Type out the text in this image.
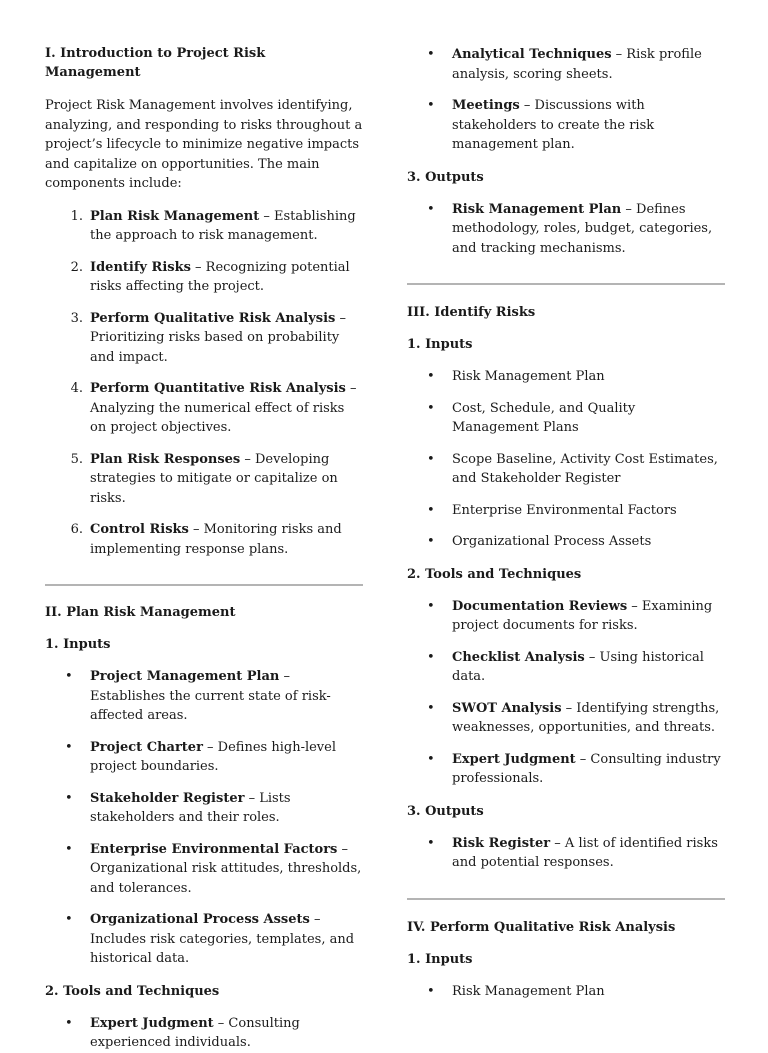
I. Introduction to Project Risk Management

Project Risk Management involves identifying, analyzing, and responding to risks throughout a project’s lifecycle to minimize negative impacts and capitalize on opportunities. The main components include:

1. Plan Risk Management – Establishing the approach to risk management.
2. Identify Risks – Recognizing potential risks affecting the project.
3. Perform Qualitative Risk Analysis – Prioritizing risks based on probability and impact.
4. Perform Quantitative Risk Analysis – Analyzing the numerical effect of risks on project objectives.
5. Plan Risk Responses – Developing strategies to mitigate or capitalize on risks.
6. Control Risks – Monitoring risks and implementing response plans.

II. Plan Risk Management

1. Inputs

• Project Management Plan – Establishes the current state of risk-affected areas.
• Project Charter – Defines high-level project boundaries.
• Stakeholder Register – Lists stakeholders and their roles.
• Enterprise Environmental Factors – Organizational risk attitudes, thresholds, and tolerances.
• Organizational Process Assets – Includes risk categories, templates, and historical data.

2. Tools and Techniques

• Expert Judgment – Consulting experienced individuals.
• Analytical Techniques – Risk profile analysis, scoring sheets.
• Meetings – Discussions with stakeholders to create the risk management plan.

3. Outputs

• Risk Management Plan – Defines methodology, roles, budget, categories, and tracking mechanisms.

III. Identify Risks

1. Inputs

• Risk Management Plan
• Cost, Schedule, and Quality Management Plans
• Scope Baseline, Activity Cost Estimates, and Stakeholder Register
• Enterprise Environmental Factors
• Organizational Process Assets

2. Tools and Techniques

• Documentation Reviews – Examining project documents for risks.
• Checklist Analysis – Using historical data.
• SWOT Analysis – Identifying strengths, weaknesses, opportunities, and threats.
• Expert Judgment – Consulting industry professionals.

3. Outputs

• Risk Register – A list of identified risks and potential responses.

IV. Perform Qualitative Risk Analysis

1. Inputs

• Risk Management Plan
